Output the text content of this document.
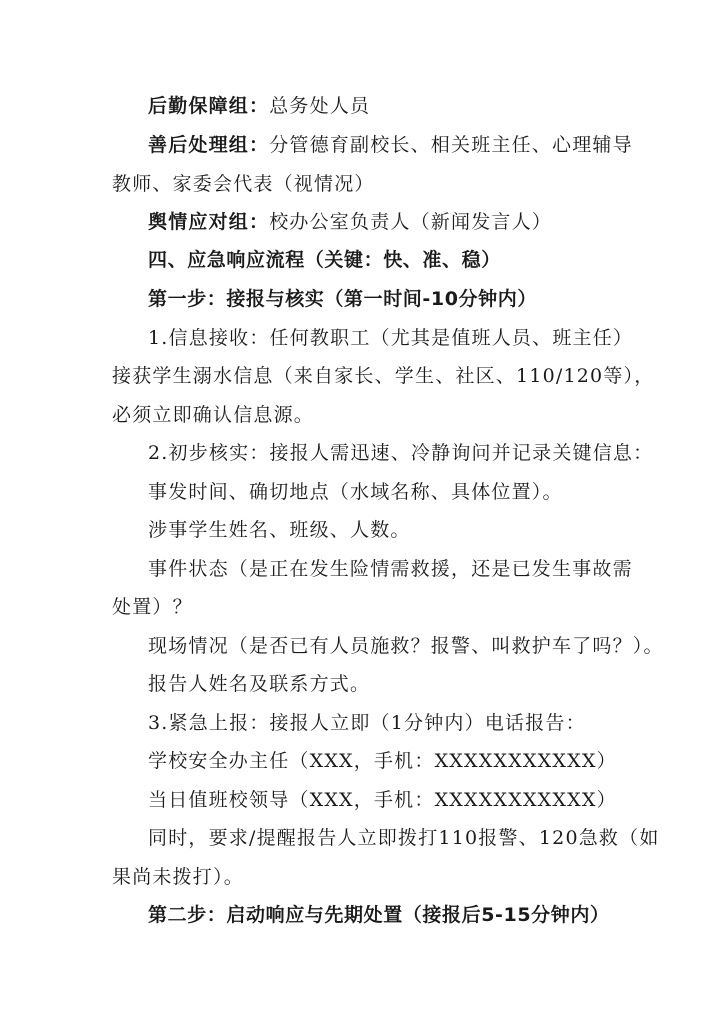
后勤保障组：总务处人员
善后处理组：分管德育副校长、相关班主任、心理辅导
教师、家委会代表（视情况）
舆情应对组：校办公室负责人（新闻发言人）
四、应急响应流程（关键：快、准、稳）
第一步：接报与核实（第一时间-10分钟内）
1.信息接收：任何教职工（尤其是值班人员、班主任）
接获学生溺水信息（来自家长、学生、社区、110/120等），
必须立即确认信息源。
2.初步核实：接报人需迅速、冷静询问并记录关键信息：
事发时间、确切地点（水域名称、具体位置）。
涉事学生姓名、班级、人数。
事件状态（是正在发生险情需救援，还是已发生事故需
处置）？
现场情况（是否已有人员施救？报警、叫救护车了吗？）。
报告人姓名及联系方式。
3.紧急上报：接报人立即（1分钟内）电话报告：
学校安全办主任（XXX，手机：XXXXXXXXXXX）
当日值班校领导（XXX，手机：XXXXXXXXXXX）
同时，要求/提醒报告人立即拨打110报警、120急救（如
果尚未拨打）。
第二步：启动响应与先期处置（接报后5-15分钟内）
